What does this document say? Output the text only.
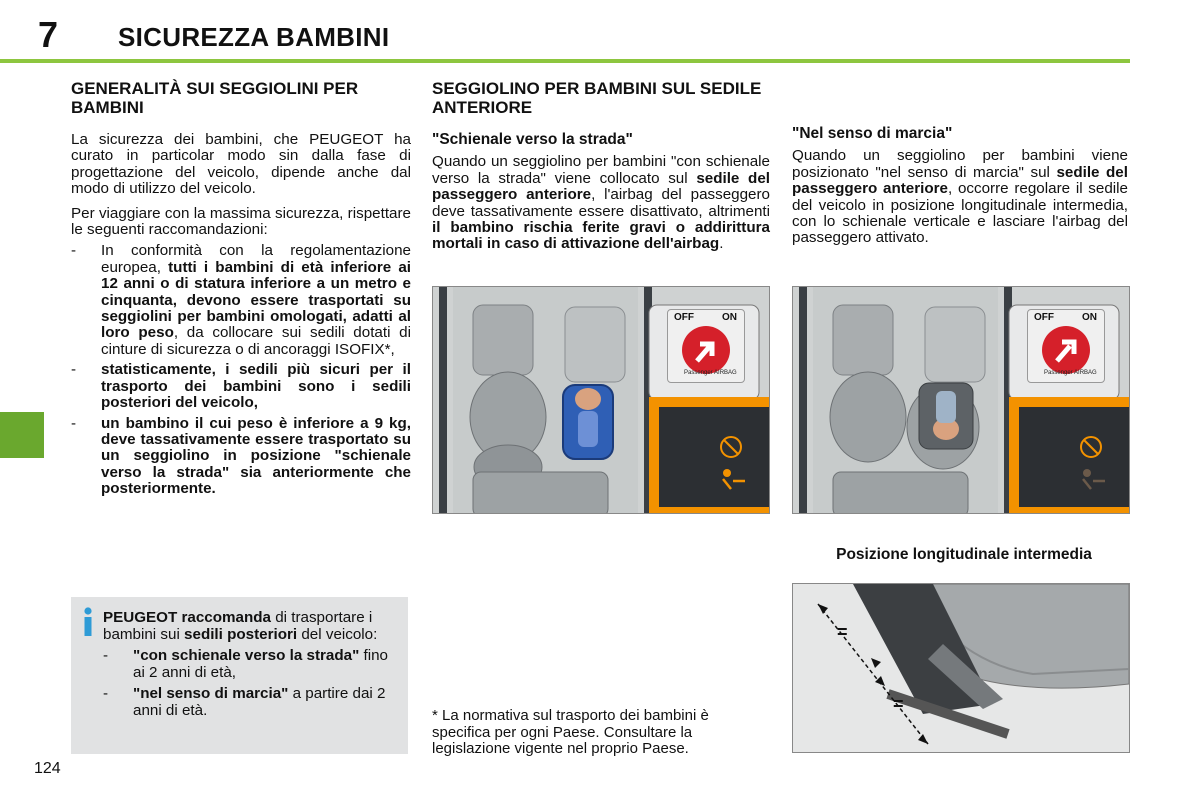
7 SICUREZZA BAMBINI
GENERALITÀ SUI SEGGIOLINI PER BAMBINI

La sicurezza dei bambini, che PEUGEOT ha curato in particolar modo sin dalla fase di progettazione del veicolo, dipende anche dal modo di utilizzo del veicolo.

Per viaggiare con la massima sicurezza, rispettare le seguenti raccomandazioni:

-	In conformità con la regolamentazione europea, tutti i bambini di età inferiore ai 12 anni o di statura inferiore a un metro e cinquanta, devono essere trasportati su seggiolini per bambini omologati, adatti al loro peso, da collocare sui sedili dotati di cinture di sicurezza o di ancoraggi ISOFIX*,
-	statisticamente, i sedili più sicuri per il trasporto dei bambini sono i sedili posteriori del veicolo,
-	un bambino il cui peso è inferiore a 9 kg, deve tassativamente essere trasportato su un seggiolino in posizione "schienale verso la strada" sia anteriormente che posteriormente.

PEUGEOT raccomanda di trasportare i bambini sui sedili posteriori del veicolo:

-	"con schienale verso la strada" fino ai 2 anni di età,
-	"nel senso di marcia" a partire dai 2 anni di età.
124
SEGGIOLINO PER BAMBINI SUL SEDILE ANTERIORE
"Schienale verso la strada"

Quando un seggiolino per bambini "con schienale verso la strada" viene collocato sul sedile del passeggero anteriore, l'airbag del passeggero deve tassativamente essere disattivato, altrimenti il bambino rischia ferite gravi o addirittura mortali in caso di attivazione dell'airbag.

"Nel senso di marcia"

Quando un seggiolino per bambini viene posizionato "nel senso di marcia" sul sedile del passeggero anteriore, occorre regolare il sedile del veicolo in posizione longitudinale intermedia, con lo schienale verticale e lasciare l'airbag del passeggero attivato.

OFF	ON
Passenger AIRBAG
OFF	ON
Passenger AIRBAG
Posizione longitudinale intermedia
=
=
* La normativa sul trasporto dei bambini è specifica per ogni Paese. Consultare la legislazione vigente nel proprio Paese.
